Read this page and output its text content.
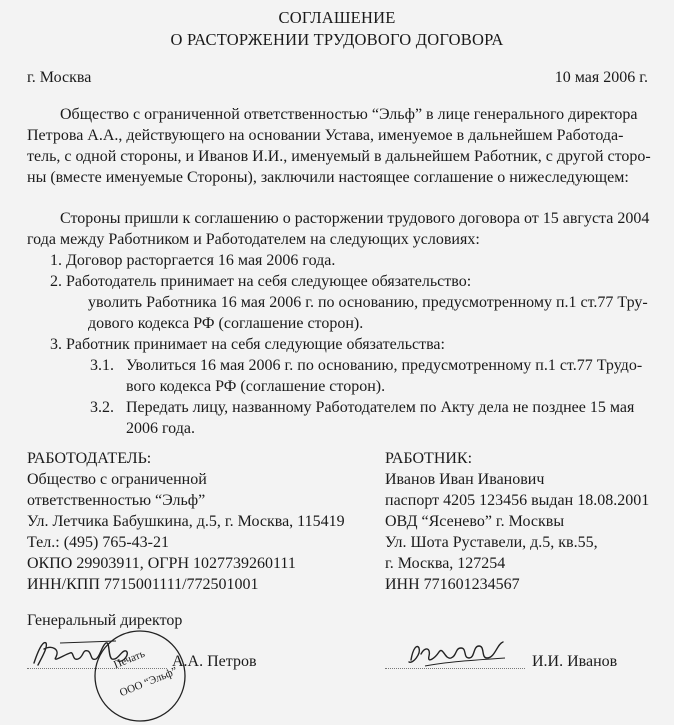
СОГЛАШЕНИЕ
О РАСТОРЖЕНИИ ТРУДОВОГО ДОГОВОРА
г. Москва	10 мая 2006 г.
Общество с ограниченной ответственностью “Эльф” в лице генерального директора
Петрова А.А., действующего на основании Устава, именуемое в дальнейшем Работода-
тель, с одной стороны, и Иванов И.И., именуемый в дальнейшем Работник, с другой сторо-
ны (вместе именуемые Стороны), заключили настоящее соглашение о нижеследующем:
Стороны пришли к соглашению о расторжении трудового договора от 15 августа 2004
года между Работником и Работодателем на следующих условиях:
1. Договор расторгается 16 мая 2006 года.
2. Работодатель принимает на себя следующее обязательство:
уволить Работника 16 мая 2006 г. по основанию, предусмотренному п.1 ст.77 Тру-
дового кодекса РФ (соглашение сторон).
3. Работник принимает на себя следующие обязательства:
3.1. Уволиться 16 мая 2006 г. по основанию, предусмотренному п.1 ст.77 Трудо-
вого кодекса РФ (соглашение сторон).
3.2. Передать лицу, названному Работодателем по Акту дела не позднее 15 мая
2006 года.
РАБОТОДАТЕЛЬ:
Общество с ограниченной
ответственностью “Эльф”
Ул. Летчика Бабушкина, д.5, г. Москва, 115419
Тел.: (495) 765-43-21
ОКПО 29903911, ОГРН 1027739260111
ИНН/КПП 7715001111/772501001
РАБОТНИК:
Иванов Иван Иванович
паспорт 4205 123456 выдан 18.08.2001
ОВД “Ясенево” г. Москвы
Ул. Шота Руставели, д.5, кв.55,
г. Москва, 127254
ИНН 771601234567
Генеральный директор
А.А. Петров
Печать
ООО “Эльф”
И.И. Иванов
